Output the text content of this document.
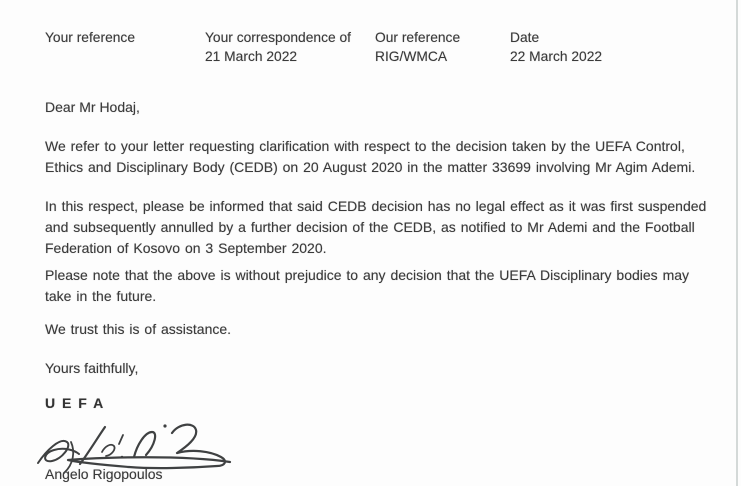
Your reference	Your correspondence of
21 March 2022
Our reference
RIG/WMCA
Date
22 March 2022
Dear Mr Hodaj,
We refer to your letter requesting clarification with respect to the decision taken by the UEFA Control,
Ethics and Disciplinary Body (CEDB) on 20 August 2020 in the matter 33699 involving Mr Agim Ademi.
In this respect, please be informed that said CEDB decision has no legal effect as it was first suspended
and subsequently annulled by a further decision of the CEDB, as notified to Mr Ademi and the Football
Federation of Kosovo on 3 September 2020.
Please note that the above is without prejudice to any decision that the UEFA Disciplinary bodies may
take in the future.
We trust this is of assistance.
Yours faithfully,
U E F A
Angelo Rigopoulos
